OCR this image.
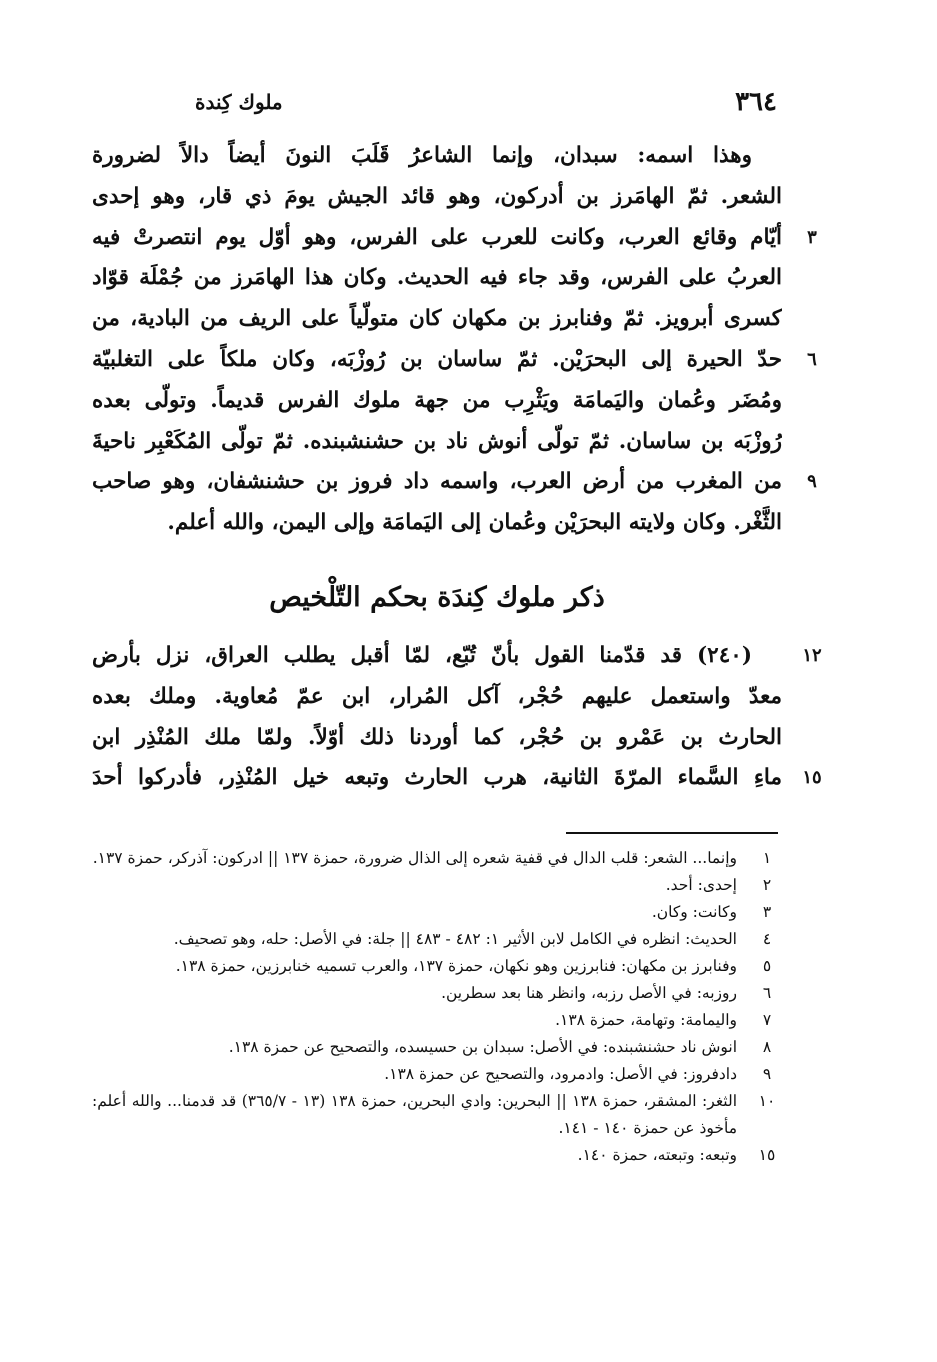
٣٦٤
ملوك كِندة
وهذا اسمه: سبدان، وإنما الشاعرُ قَلَبَ النونَ أيضاً دالاً لضرورة
الشعر. ثمّ الهامَرز بن أدركون، وهو قائد الجيش يومَ ذي قار، وهو إحدى
أيّام وقائع العرب، وكانت للعرب على الفرس، وهو أوّل يوم انتصرتْ فيه
العربُ على الفرس، وقد جاء فيه الحديث. وكان هذا الهامَرز من جُمْلَة قوّاد
كسرى أبرويز. ثمّ وفنابرز بن مكهان كان متولّياً على الريف من البادية، من
حدّ الحيرة إلى البحرَيْن. ثمّ ساسان بن رُوزْبَه، وكان ملكاً على التغلبيّة
ومُضَر وعُمان واليَمامَة ويَثْرِب من جهة ملوك الفرس قديماً. وتولّى بعده
رُوزْبَه بن ساسان. ثمّ تولّى أنوش ناد بن حشنشبنده. ثمّ تولّى المُكَعْبِر ناحيةَ
من المغرب من أرض العرب، واسمه داد فروز بن حشنشفان، وهو صاحب
الثَّغْر. وكان ولايته البحرَيْن وعُمان إلى اليَمامَة وإلى اليمن، والله أعلم.
٣
٦
٩
ذكر ملوك كِندَة بحكم التّلْخيص
(٢٤٠) قد قدّمنا القول بأنّ تُبّع، لمّا أقبل يطلب العراق، نزل بأرض
معدّ واستعمل عليهم حُجْر، آكل المُرار، ابن عمّ مُعاوية. وملك بعده
الحارث بن عَمْرو بن حُجْر، كما أوردنا ذلك أوّلاً. ولمّا ملك المُنْذِر ابن
ماءِ السَّماء المرّةَ الثانية، هرب الحارث وتبعه خيل المُنْذِر، فأدركوا أحدَ
١٢
١٥
١
وإنما... الشعر: قلب الدال في قفية شعره إلى الذال ضرورة، حمزة ١٣٧ || ادركون: آذركر، حمزة ١٣٧.
٢
إحدى: أحد.
٣
وكانت: وكان.
٤
الحديث: انظره في الكامل لابن الأثير ١: ٤٨٢ - ٤٨٣ || جلة: في الأصل: حله، وهو تصحيف.
٥
وفنابرز بن مكهان: فنابرزين وهو نكهان، حمزة ١٣٧، والعرب تسميه خنابرزين، حمزة ١٣٨.
٦
روزبه: في الأصل رزبه، وانظر هنا بعد سطرين.
٧
واليمامة: وتهامة، حمزة ١٣٨.
٨
انوش ناد حشنشبنده: في الأصل: سبدان بن حسيسده، والتصحيح عن حمزة ١٣٨.
٩
دادفروز: في الأصل: وادمرود، والتصحيح عن حمزة ١٣٨.
١٠
الثغر: المشقر، حمزة ١٣٨ || البحرين: وادي البحرين، حمزة ١٣٨ (١٣ - ٣٦٥/٧) قد قدمنا... والله أعلم: مأخوذ عن حمزة ١٤٠ - ١٤١.
١٥
وتبعه: وتبعته، حمزة ١٤٠.
